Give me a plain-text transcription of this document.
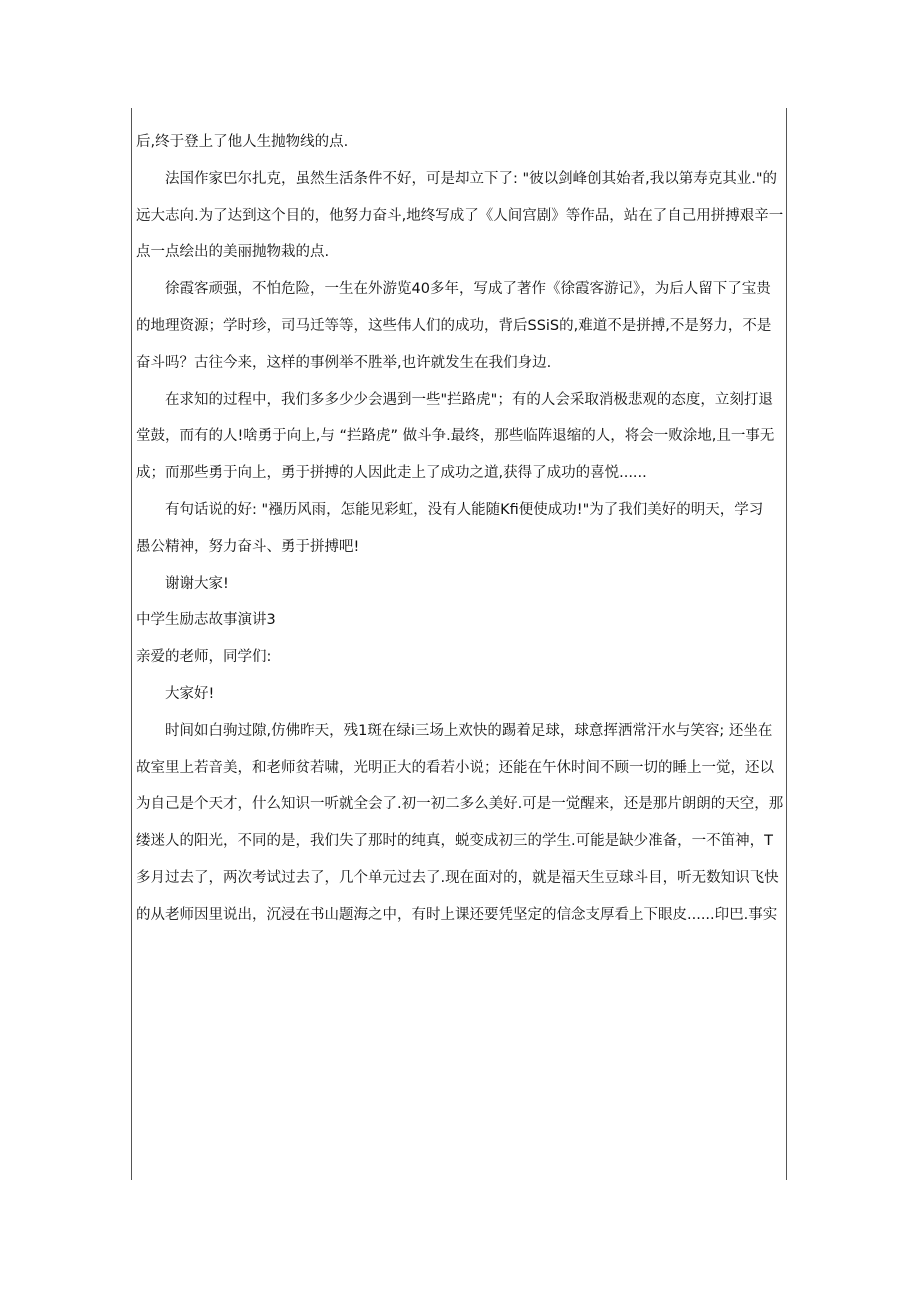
后,终于登上了他人生抛物线的点.
法国作家巴尔扎克，虽然生活条件不好，可是却立下了: "彼以剑峰创其始者,我以第寿克其业."的
远大志向.为了达到这个目的，他努力奋斗,地终写成了《人间宫剧》等作品，站在了自己用拼搏艰辛一
点一点绘出的美丽抛物栽的点.
徐霞客顽强，不怕危险，一生在外游览40多年，写成了著作《徐霞客游记》，为后人留下了宝贵
的地理资源；学时珍，司马迁等等，这些伟人们的成功，背后SSiS的,难道不是拼搏,不是努力，不是
奋斗吗？古往今来，这样的事例举不胜举,也许就发生在我们身边.
在求知的过程中，我们多多少少会遇到一些"拦路虎"；有的人会采取消极悲观的态度，立刻打退
堂鼓，而有的人!啥勇于向上,与 “拦路虎” 做斗争.最终，那些临阵退缩的人，将会一败涂地,且一事无
成；而那些勇于向上，勇于拼搏的人因此走上了成功之道,获得了成功的喜悦......
有句话说的好: "襁历风雨，怎能见彩虹，没有人能随Kfi便使成功!"为了我们美好的明天，学习
愚公精神，努力奋斗、勇于拼搏吧!
谢谢大家!
中学生励志故事演讲3
亲爱的老师，同学们:
大家好!
时间如白驹过隙,仿佛昨天，残1斑在绿i三场上欢快的踢着足球，球意挥洒常汗水与笑容; 还坐在
故室里上若音美，和老师贫若啸，光明正大的看若小说；还能在午休时间不顾一切的睡上一觉，还以
为自己是个天才，什么知识一听就全会了.初一初二多么美好.可是一觉醒来，还是那片朗朗的天空，那
缕迷人的阳光，不同的是，我们失了那时的纯真，蜕变成初三的学生.可能是缺少准备，一不笛神，T
多月过去了，两次考试过去了，几个单元过去了.现在面对的，就是福天生豆球斗目，听无数知识飞快
的从老师因里说出，沉浸在书山题海之中，有时上课还要凭坚定的信念支厚看上下眼皮......印巴.事实
